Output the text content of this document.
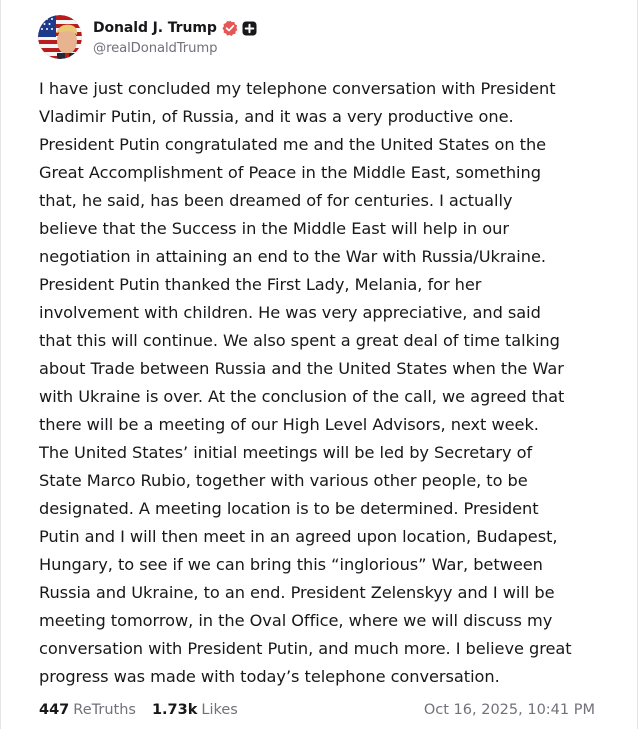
Donald J. Trump
@realDonaldTrump

I have just concluded my telephone conversation with President

Vladimir Putin, of Russia, and it was a very productive one.

President Putin congratulated me and the United States on the

Great Accomplishment of Peace in the Middle East, something

that, he said, has been dreamed of for centuries. I actually

believe that the Success in the Middle East will help in our

negotiation in attaining an end to the War with Russia/Ukraine.

President Putin thanked the First Lady, Melania, for her

involvement with children. He was very appreciative, and said

that this will continue. We also spent a great deal of time talking

about Trade between Russia and the United States when the War

with Ukraine is over. At the conclusion of the call, we agreed that

there will be a meeting of our High Level Advisors, next week.

The United States’ initial meetings will be led by Secretary of

State Marco Rubio, together with various other people, to be

designated. A meeting location is to be determined. President

Putin and I will then meet in an agreed upon location, Budapest,

Hungary, to see if we can bring this “inglorious” War, between

Russia and Ukraine, to an end. President Zelenskyy and I will be

meeting tomorrow, in the Oval Office, where we will discuss my

conversation with President Putin, and much more. I believe great

progress was made with today’s telephone conversation.

447 ReTruths 1.73k Likes	Oct 16, 2025, 10:41 PM
